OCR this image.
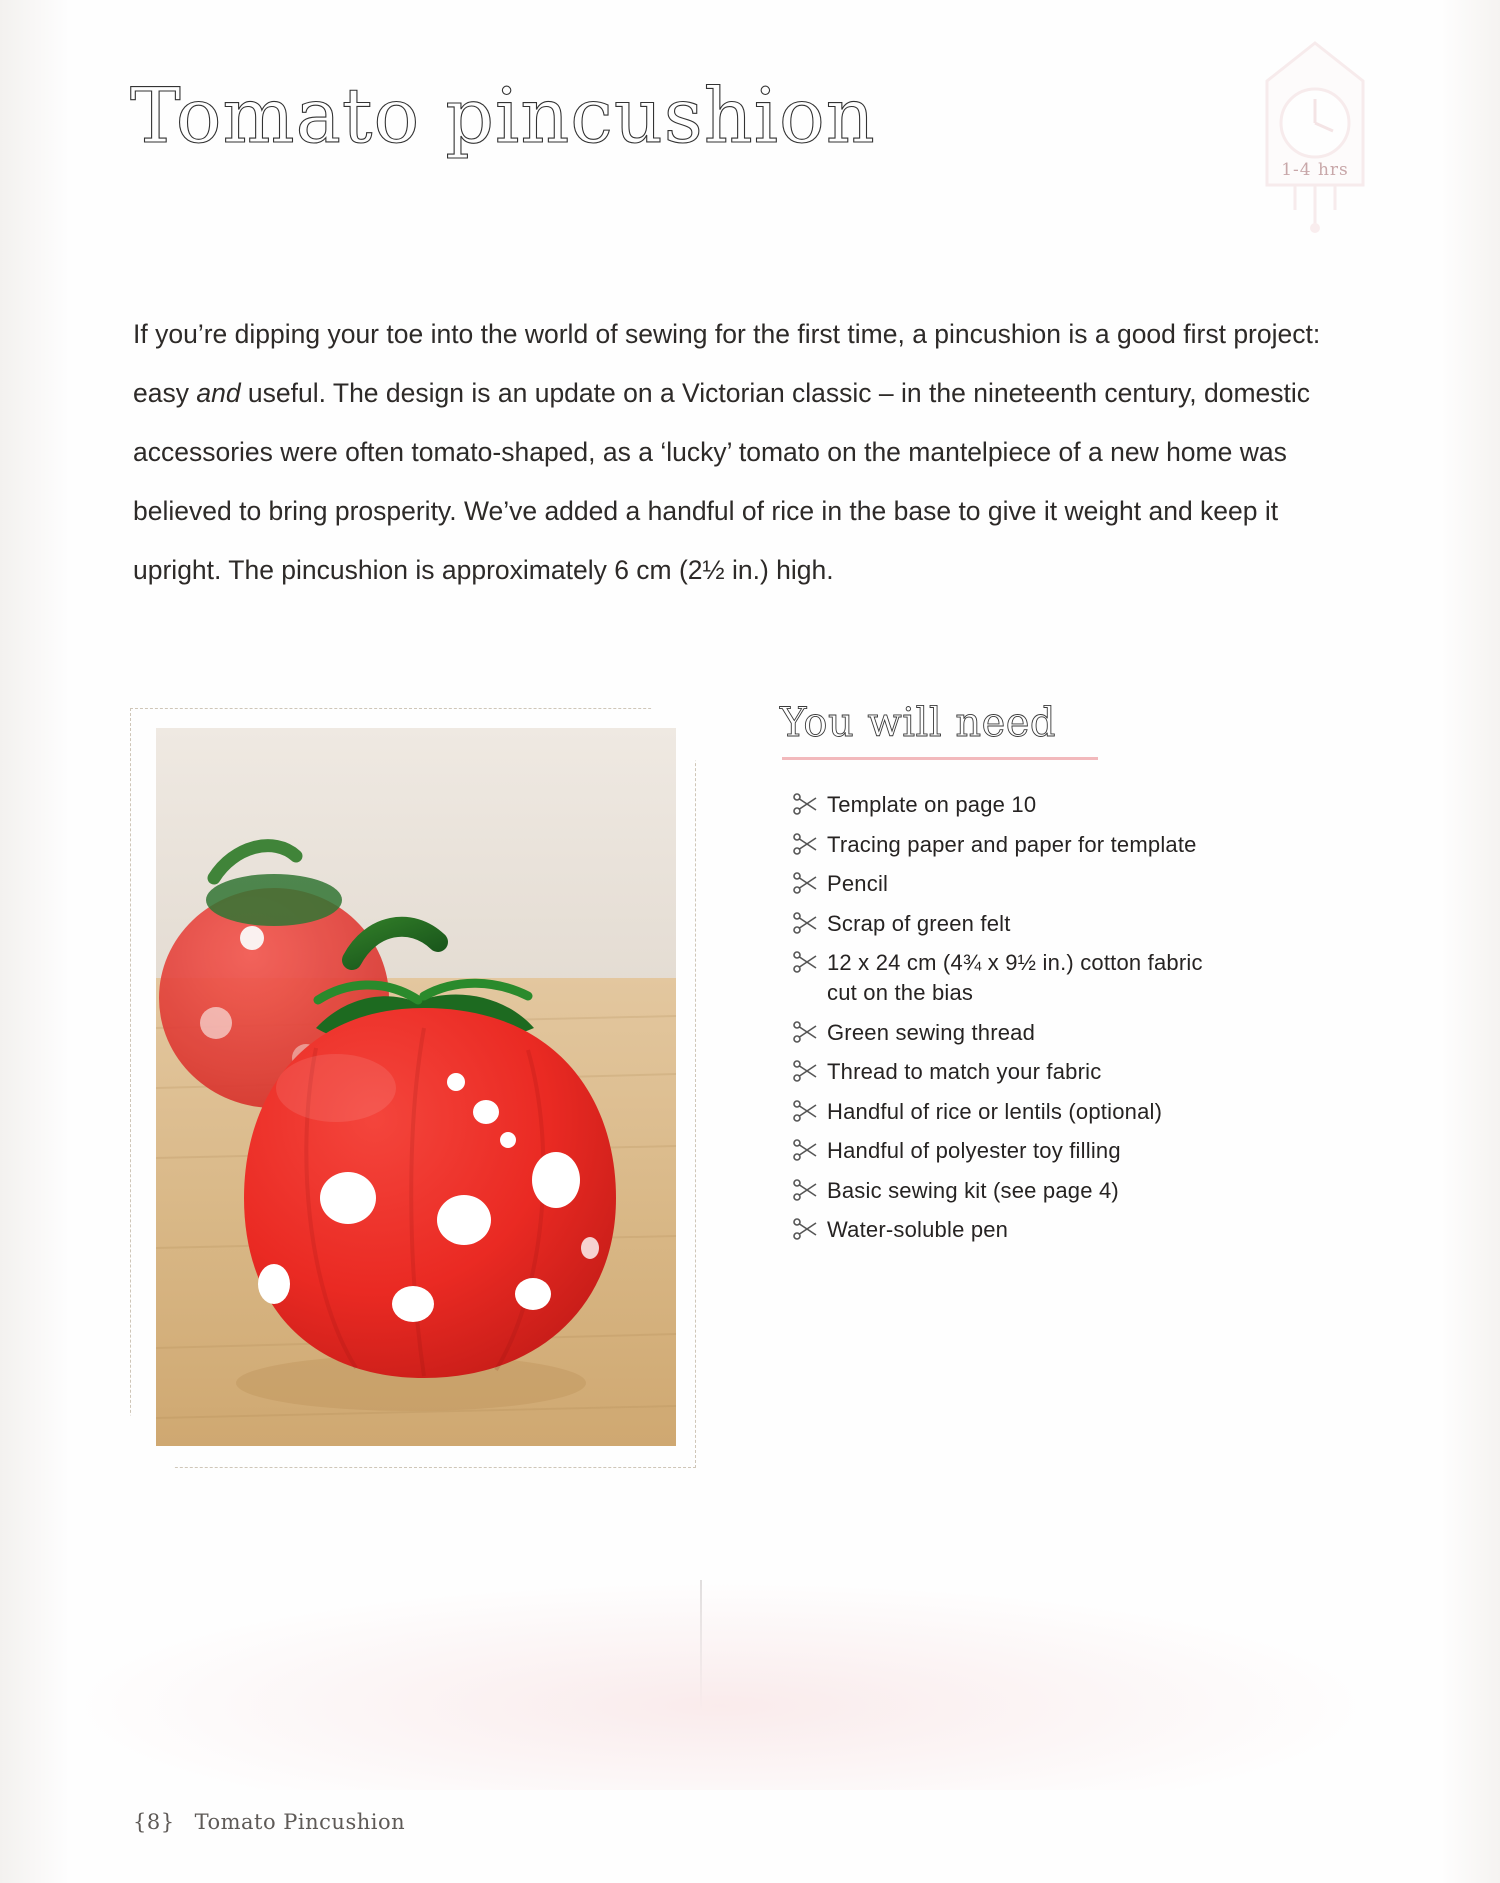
Tomato pincushion
1-4 hrs

If you’re dipping your toe into the world of sewing for the first time, a pincushion is a good first project: easy and useful. The design is an update on a Victorian classic – in the nineteenth century, domestic accessories were often tomato-shaped, as a ‘lucky’ tomato on the mantelpiece of a new home was believed to bring prosperity. We’ve added a handful of rice in the base to give it weight and keep it upright. The pincushion is approximately 6 cm (2½ in.) high.

You will need
Template on page 10
Tracing paper and paper for template
Pencil
Scrap of green felt
12 x 24 cm (4¾ x 9½ in.) cotton fabric cut on the bias
Green sewing thread
Thread to match your fabric
Handful of rice or lentils (optional)
Handful of polyester toy filling
Basic sewing kit (see page 4)
Water-soluble pen
{8} Tomato Pincushion
